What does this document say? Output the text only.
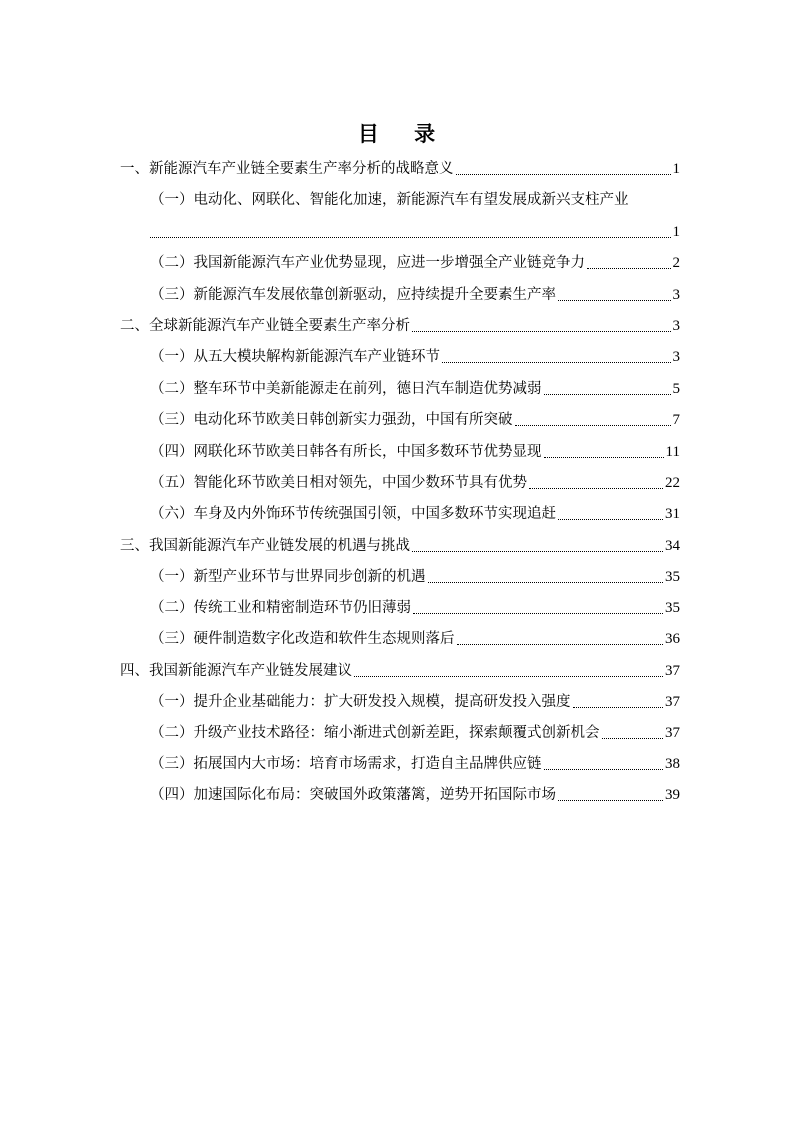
目 录
一、新能源汽车产业链全要素生产率分析的战略意义	1
（一）电动化、网联化、智能化加速，新能源汽车有望发展成新兴支柱产业
1
（二）我国新能源汽车产业优势显现，应进一步增强全产业链竞争力	2
（三）新能源汽车发展依靠创新驱动，应持续提升全要素生产率	3
二、全球新能源汽车产业链全要素生产率分析	3
（一）从五大模块解构新能源汽车产业链环节	3
（二）整车环节中美新能源走在前列，德日汽车制造优势减弱	5
（三）电动化环节欧美日韩创新实力强劲，中国有所突破	7
（四）网联化环节欧美日韩各有所长，中国多数环节优势显现	11
（五）智能化环节欧美日相对领先，中国少数环节具有优势	22
（六）车身及内外饰环节传统强国引领，中国多数环节实现追赶	31
三、我国新能源汽车产业链发展的机遇与挑战	34
（一）新型产业环节与世界同步创新的机遇	35
（二）传统工业和精密制造环节仍旧薄弱	35
（三）硬件制造数字化改造和软件生态规则落后	36
四、我国新能源汽车产业链发展建议	37
（一）提升企业基础能力：扩大研发投入规模，提高研发投入强度	37
（二）升级产业技术路径：缩小渐进式创新差距，探索颠覆式创新机会	37
（三）拓展国内大市场：培育市场需求，打造自主品牌供应链	38
（四）加速国际化布局：突破国外政策藩篱，逆势开拓国际市场	39
